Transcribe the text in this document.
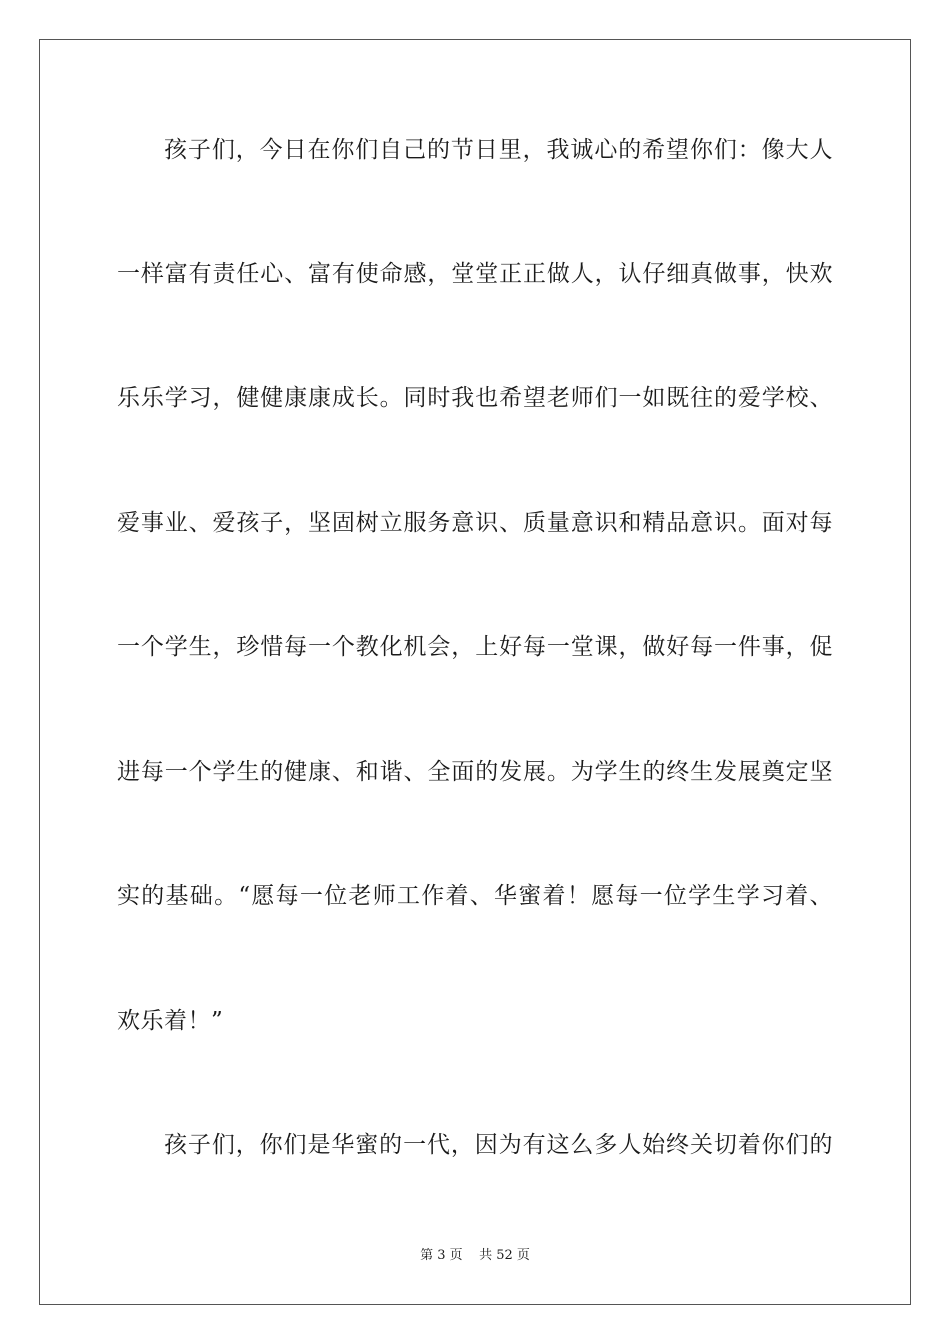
孩子们，今日在你们自己的节日里，我诚心的希望你们：像大人
一样富有责任心、富有使命感，堂堂正正做人，认仔细真做事，快欢
乐乐学习，健健康康成长。同时我也希望老师们一如既往的爱学校、
爱事业、爱孩子，坚固树立服务意识、质量意识和精品意识。面对每
一个学生，珍惜每一个教化机会，上好每一堂课，做好每一件事，促
进每一个学生的健康、和谐、全面的发展。为学生的终生发展奠定坚
实的基础。“愿每一位老师工作着、华蜜着！愿每一位学生学习着、
欢乐着！”
孩子们，你们是华蜜的一代，因为有这么多人始终关切着你们的
第 3 页    共 52 页
